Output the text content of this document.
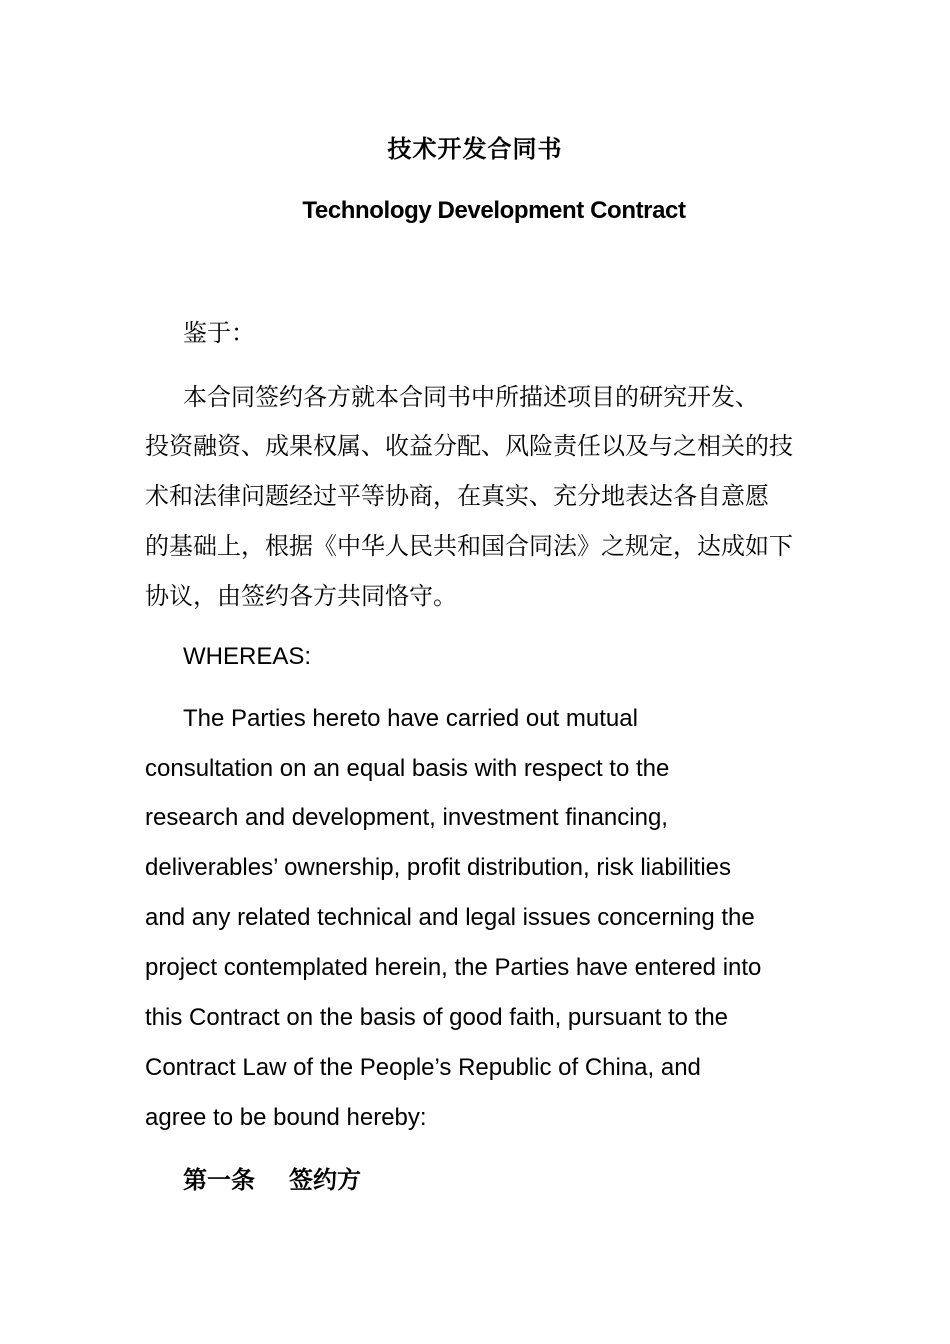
技术开发合同书
Technology Development Contract
鉴于：
本合同签约各方就本合同书中所描述项目的研究开发、
投资融资、成果权属、收益分配、风险责任以及与之相关的技
术和法律问题经过平等协商，在真实、充分地表达各自意愿
的基础上，根据《中华人民共和国合同法》之规定，达成如下
协议，由签约各方共同恪守。
WHEREAS:
The Parties hereto have carried out mutual
consultation on an equal basis with respect to the
research and development, investment financing,
deliverables’ ownership, profit distribution, risk liabilities
and any related technical and legal issues concerning the
project contemplated herein, the Parties have entered into
this Contract on the basis of good faith, pursuant to the
Contract Law of the People’s Republic of China, and
agree to be bound hereby:
第一条 签约方
